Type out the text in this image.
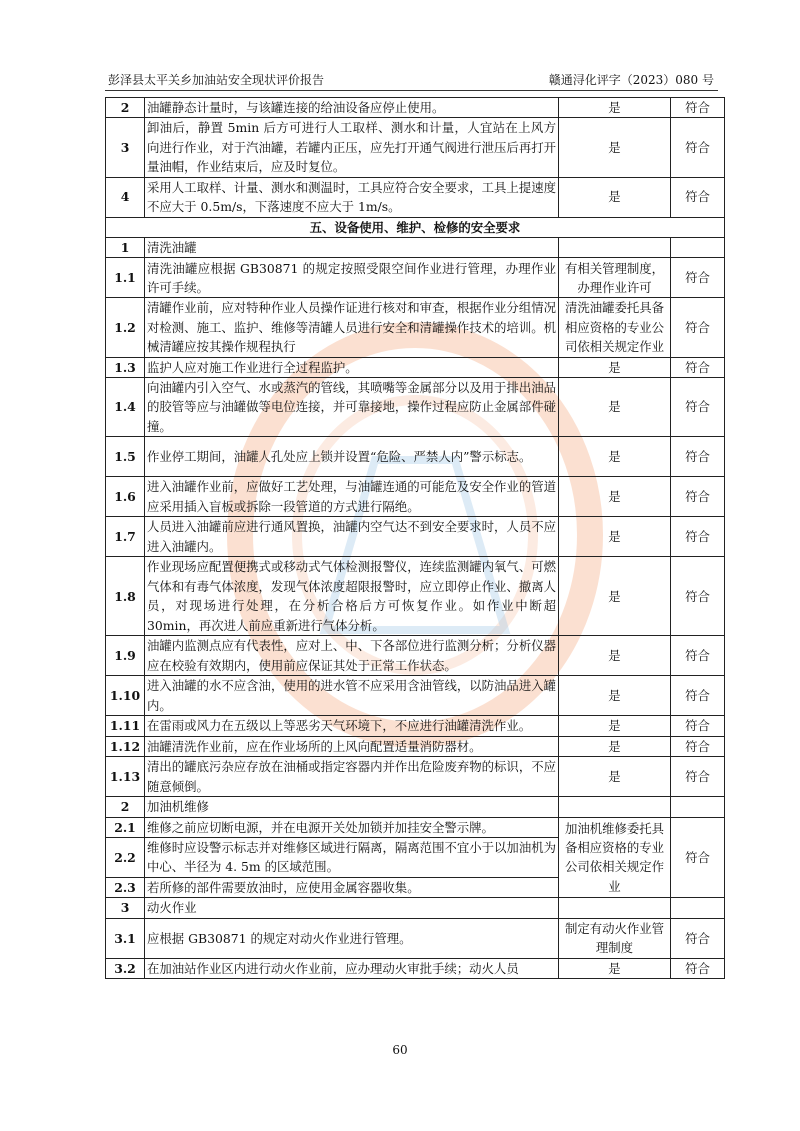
彭泽县太平关乡加油站安全现状评价报告	赣通浔化评字（2023）080 号
2	油罐静态计量时，与该罐连接的给油设备应停止使用。	是	符合
3	卸油后，静置 5min 后方可进行人工取样、测水和计量，人宜站在上风方向进行作业，对于汽油罐，若罐内正压，应先打开通气阀进行泄压后再打开量油帽，作业结束后，应及时复位。	是	符合
4	采用人工取样、计量、测水和测温时，工具应符合安全要求，工具上提速度不应大于 0.5m/s，下落速度不应大于 1m/s。	是	符合
五、设备使用、维护、检修的安全要求			
1	清洗油罐		
1.1	清洗油罐应根据 GB30871 的规定按照受限空间作业进行管理，办理作业许可手续。	有相关管理制度，办理作业许可	符合
1.2	清罐作业前，应对特种作业人员操作证进行核对和审查，根据作业分组情况对检测、施工、监护、维修等清罐人员进行安全和清罐操作技术的培训。机械清罐应按其操作规程执行	清洗油罐委托具备相应资格的专业公司依相关规定作业	符合
1.3	监护人应对施工作业进行全过程监护。	是	符合
1.4	向油罐内引入空气、水或蒸汽的管线，其喷嘴等金属部分以及用于排出油品的胶管等应与油罐做等电位连接，并可靠接地，操作过程应防止金属部件碰撞。	是	符合
1.5	作业停工期间，油罐人孔处应上锁并设置“危险、严禁人内”警示标志。	是	符合
1.6	进入油罐作业前，应做好工艺处理，与油罐连通的可能危及安全作业的管道应采用插入盲板或拆除一段管道的方式进行隔绝。	是	符合
1.7	人员进入油罐前应进行通风置换，油罐内空气达不到安全要求时，人员不应进入油罐内。	是	符合
1.8	作业现场应配置便携式或移动式气体检测报警仪，连续监测罐内氧气、可燃气体和有毒气体浓度，发现气体浓度超限报警时，应立即停止作业、撤离人员，对现场进行处理，在分析合格后方可恢复作业。如作业中断超 30min，再次进人前应重新进行气体分析。	是	符合
1.9	油罐内监测点应有代表性，应对上、中、下各部位进行监测分析；分析仪器应在校验有效期内，使用前应保证其处于正常工作状态。	是	符合
1.10	进入油罐的水不应含油，使用的进水管不应采用含油管线，以防油品进入罐内。	是	符合
1.11	在雷雨或风力在五级以上等恶劣天气环境下，不应进行油罐清洗作业。	是	符合
1.12	油罐清洗作业前，应在作业场所的上风向配置适量消防器材。	是	符合
1.13	清出的罐底污杂应存放在油桶或指定容器内并作出危险废弃物的标识，不应随意倾倒。	是	符合
2	加油机维修		
2.1	维修之前应切断电源，并在电源开关处加锁并加挂安全警示牌。	加油机维修委托具备相应资格的专业公司依相关规定作业	符合
2.2	维修时应设警示标志并对维修区域进行隔离，隔离范围不宜小于以加油机为中心、半径为 4. 5m 的区域范围。		
2.3	若所修的部件需要放油时，应使用金属容器收集。		
3	动火作业		
3.1	应根据 GB30871 的规定对动火作业进行管理。	制定有动火作业管理制度	符合
3.2	在加油站作业区内进行动火作业前，应办理动火审批手续；动火人员	是	符合
60
